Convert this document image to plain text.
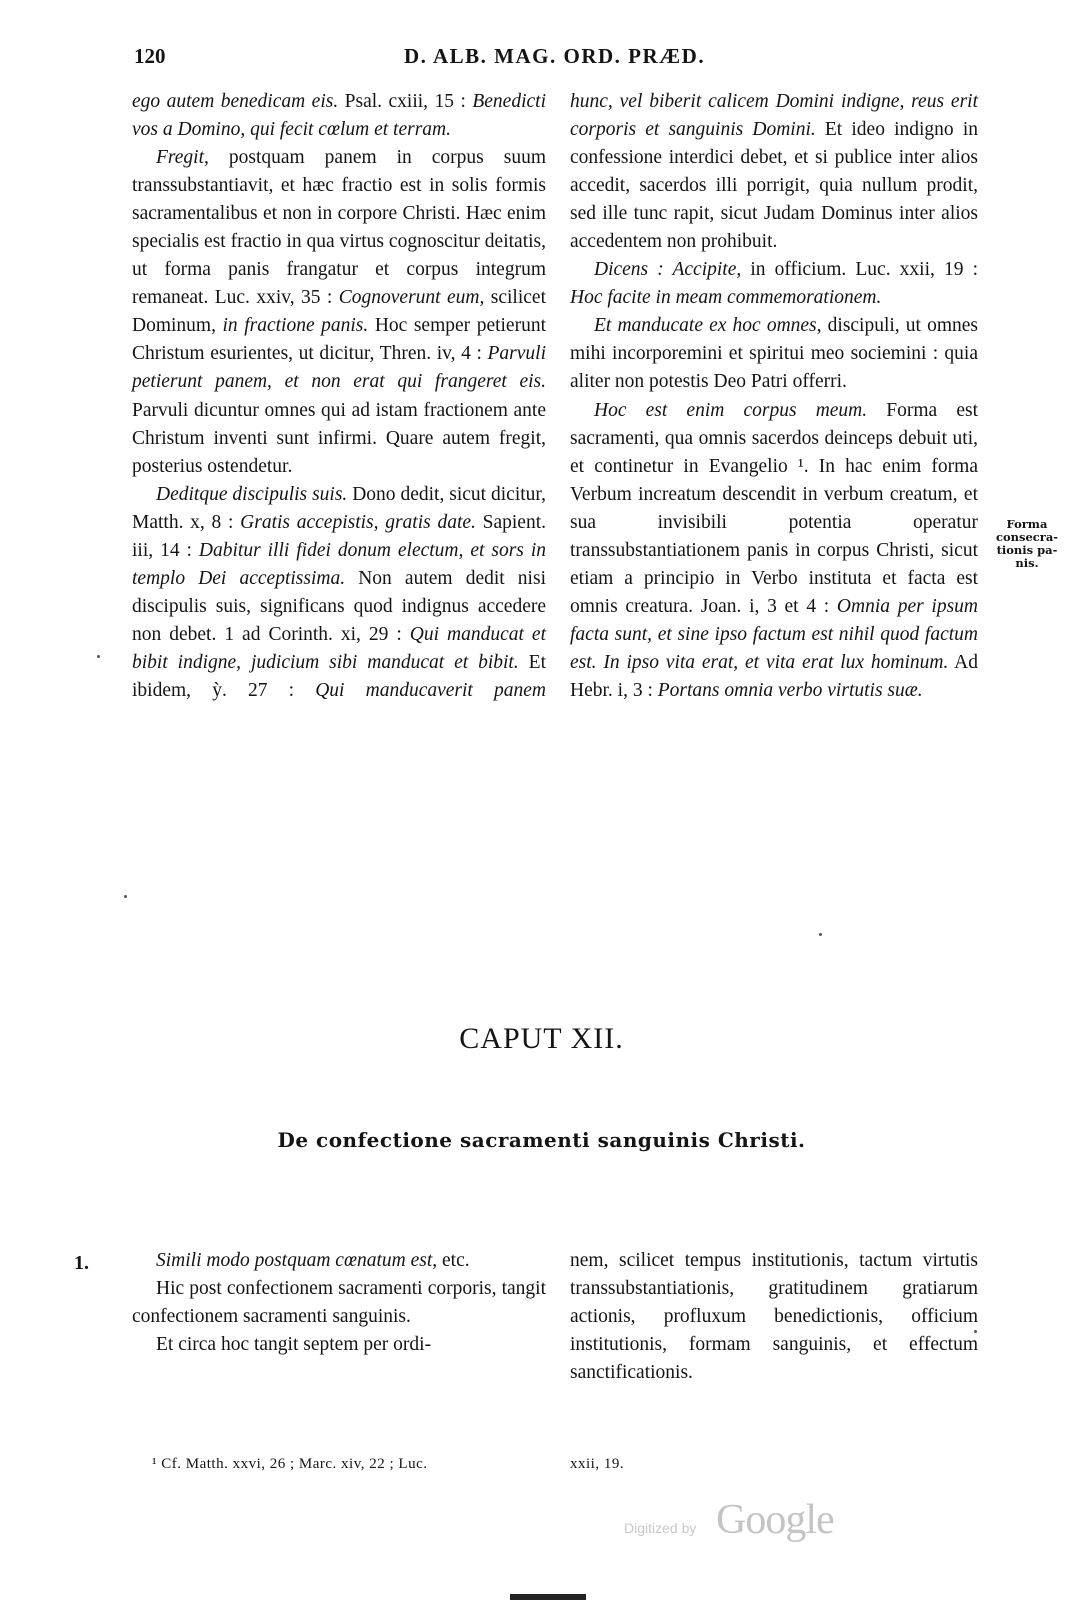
120	D. ALB. MAG. ORD. PRÆD.

ego autem benedicam eis. Psal. cxiii, 15 : Benedicti vos a Domino, qui fecit cœlum et terram.

Fregit, postquam panem in corpus suum transsubstantiavit, et hæc fractio est in solis formis sacramentalibus et non in corpore Christi. Hæc enim specialis est fractio in qua virtus cognoscitur deitatis, ut forma panis frangatur et corpus integrum remaneat. Luc. xxiv, 35 : Cognoverunt eum, scilicet Dominum, in fractione panis. Hoc semper petierunt Christum esurientes, ut dicitur, Thren. iv, 4 : Parvuli petierunt panem, et non erat qui frangeret eis. Parvuli dicuntur omnes qui ad istam fractionem ante Christum inventi sunt infirmi. Quare autem fregit, posterius ostendetur.

Deditque discipulis suis. Dono dedit, sicut dicitur, Matth. x, 8 : Gratis accepistis, gratis date. Sapient. iii, 14 : Dabitur illi fidei donum electum, et sors in templo Dei acceptissima. Non autem dedit nisi discipulis suis, significans quod indignus accedere non debet. 1 ad Corinth. xi, 29 : Qui manducat et bibit indigne, judicium sibi manducat et bibit. Et ibidem, ỳ. 27 : Qui manducaverit panem

hunc, vel biberit calicem Domini indigne, reus erit corporis et sanguinis Domini. Et ideo indigno in confessione interdici debet, et si publice inter alios accedit, sacerdos illi porrigit, quia nullum prodit, sed ille tunc rapit, sicut Judam Dominus inter alios accedentem non prohibuit.

Dicens : Accipite, in officium. Luc. xxii, 19 : Hoc facite in meam commemorationem.

Et manducate ex hoc omnes, discipuli, ut omnes mihi incorporemini et spiritui meo sociemini : quia aliter non potestis Deo Patri offerri.

Hoc est enim corpus meum. Forma est sacramenti, qua omnis sacerdos deinceps debuit uti, et continetur in Evangelio ¹. In hac enim forma Verbum increatum descendit in verbum creatum, et sua invisibili potentia operatur transsubstantiationem panis in corpus Christi, sicut etiam a principio in Verbo instituta et facta est omnis creatura. Joan. i, 3 et 4 : Omnia per ipsum facta sunt, et sine ipso factum est nihil quod factum est. In ipso vita erat, et vita erat lux hominum. Ad Hebr. i, 3 : Portans omnia verbo virtutis suæ.

Forma consecra-tionis pa-nis.
CAPUT XII.
De confectione sacramenti sanguinis Christi.
1.	Simili modo postquam cœnatum est, etc.

Hic post confectionem sacramenti corporis, tangit confectionem sacramenti sanguinis.

Et circa hoc tangit septem per ordi-

nem, scilicet tempus institutionis, tactum virtutis transsubstantiationis, gratitudinem gratiarum actionis, profluxum benedictionis, officium institutionis, formam sanguinis, et effectum sanctificationis.

¹ Cf. Matth. xxvi, 26 ; Marc. xiv, 22 ; Luc.	xxii, 19.
Digitized by Google
